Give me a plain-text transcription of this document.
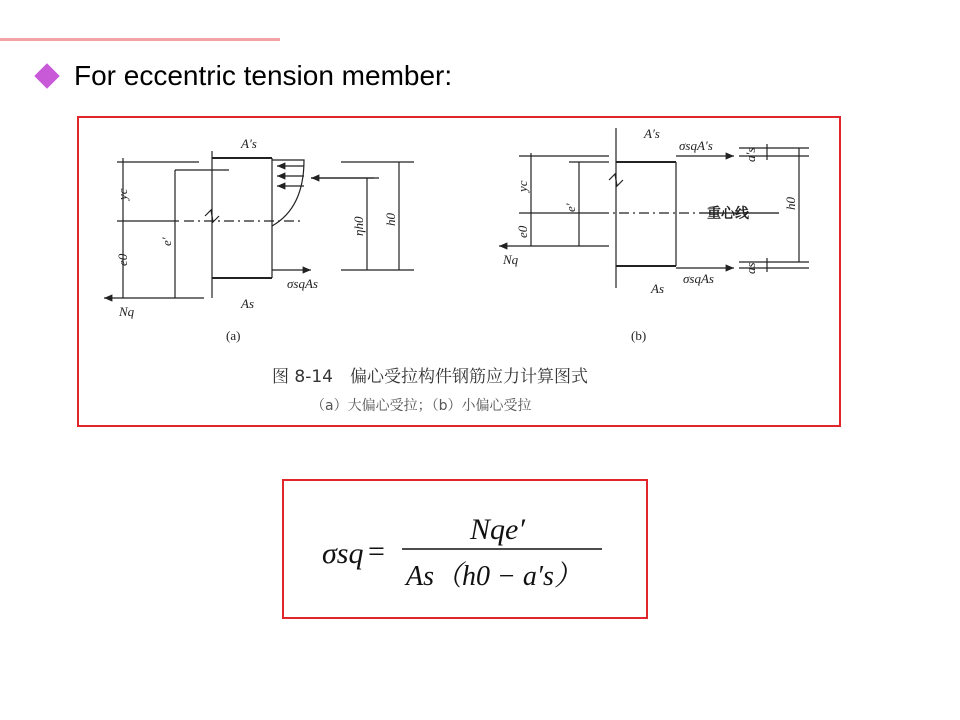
For eccentric tension member:
A′s
As
Nq
σsqAs
yc
e0
e′
ηh0 h0
(a)
A′s
As
Nq
σsqA′s
σsqAs
yc
e0
e′
a′s
as
h0
重心线
(b)
图 8-14　偏心受拉构件钢筋应力计算图式
（a）大偏心受拉；（b）小偏心受拉
σsq =
Nqe′
As（h0 − a′s）
